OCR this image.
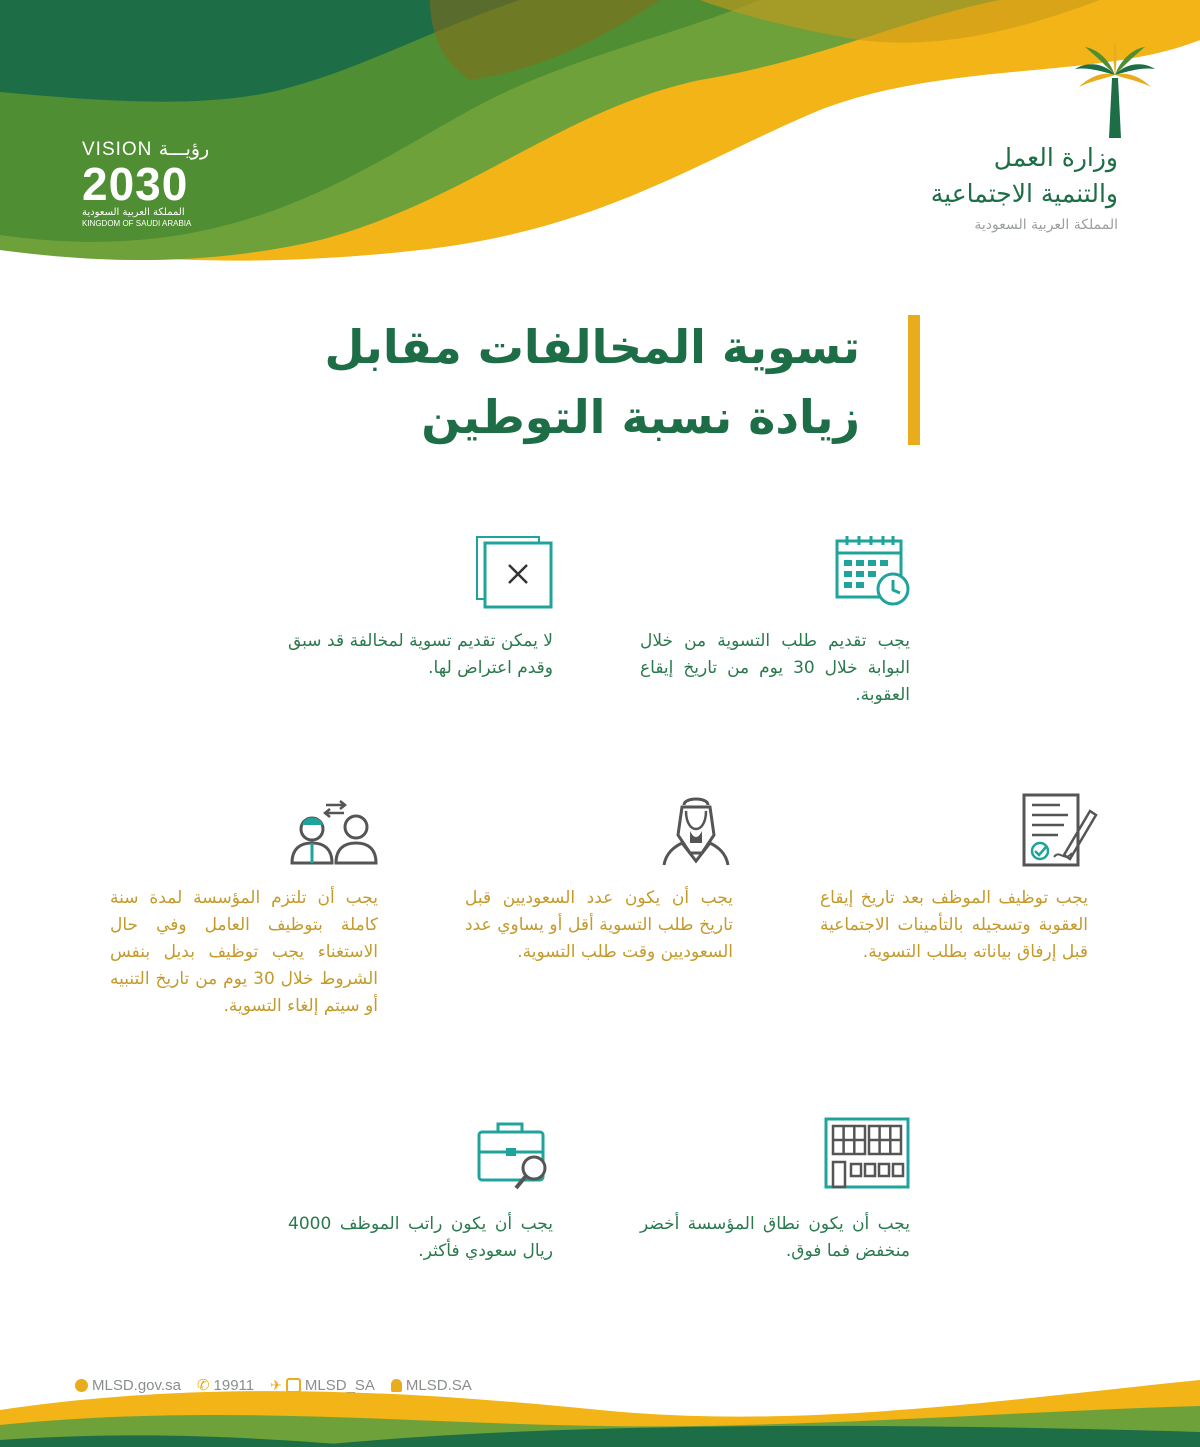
VISION رؤيـــة
2030
المملكة العربية السعودية
KINGDOM OF SAUDI ARABIA
وزارة العمل
والتنمية الاجتماعية
المملكة العربية السعودية
تسوية المخالفات مقابل
زيادة نسبة التوطين
يجب تقديم طلب التسوية من خلال البوابة خلال 30 يوم من تاريخ إيقاع العقوبة.
لا يمكن تقديم تسوية لمخالفة قد سبق وقدم اعتراض لها.
يجب توظيف الموظف بعد تاريخ إيقاع العقوبة وتسجيله بالتأمينات الاجتماعية قبل إرفاق بياناته بطلب التسوية.
يجب أن يكون عدد السعوديين قبل تاريخ طلب التسوية أقل أو يساوي عدد السعوديين وقت طلب التسوية.
يجب أن تلتزم المؤسسة لمدة سنة كاملة بتوظيف العامل وفي حال الاستغناء يجب توظيف بديل بنفس الشروط خلال 30 يوم من تاريخ التنبيه أو سيتم إلغاء التسوية.
يجب أن يكون نطاق المؤسسة أخضر منخفض فما فوق.
يجب أن يكون راتب الموظف 4000 ريال سعودي فأكثر.
MLSD.gov.sa ✆ 19911 ✈ MLSD_SA MLSD.SA
